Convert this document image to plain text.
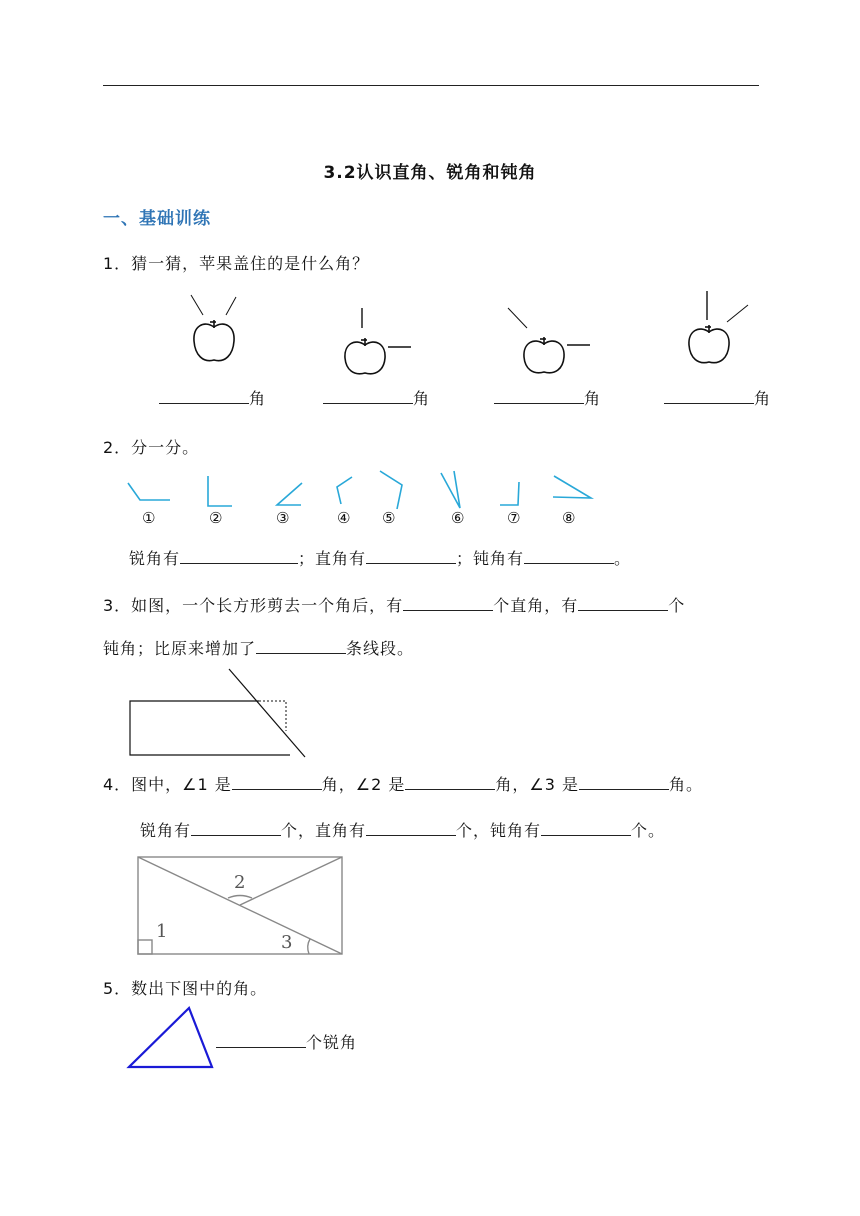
3.2认识直角、锐角和钝角
一、基础训练
1．猜一猜，苹果盖住的是什么角？
角	角	角	角
2．分一分。
①	②	③	④ ⑤	⑥	⑦	⑧
锐角有	；直角有	；钝角有	。
3．如图，一个长方形剪去一个角后，有	个直角，有	个
钝角；比原来增加了	条线段。
4．图中，∠1 是	角，∠2 是	角，∠3 是	角。
锐角有	个，直角有	个，钝角有	个。
1
2
3
5．数出下图中的角。
个锐角
